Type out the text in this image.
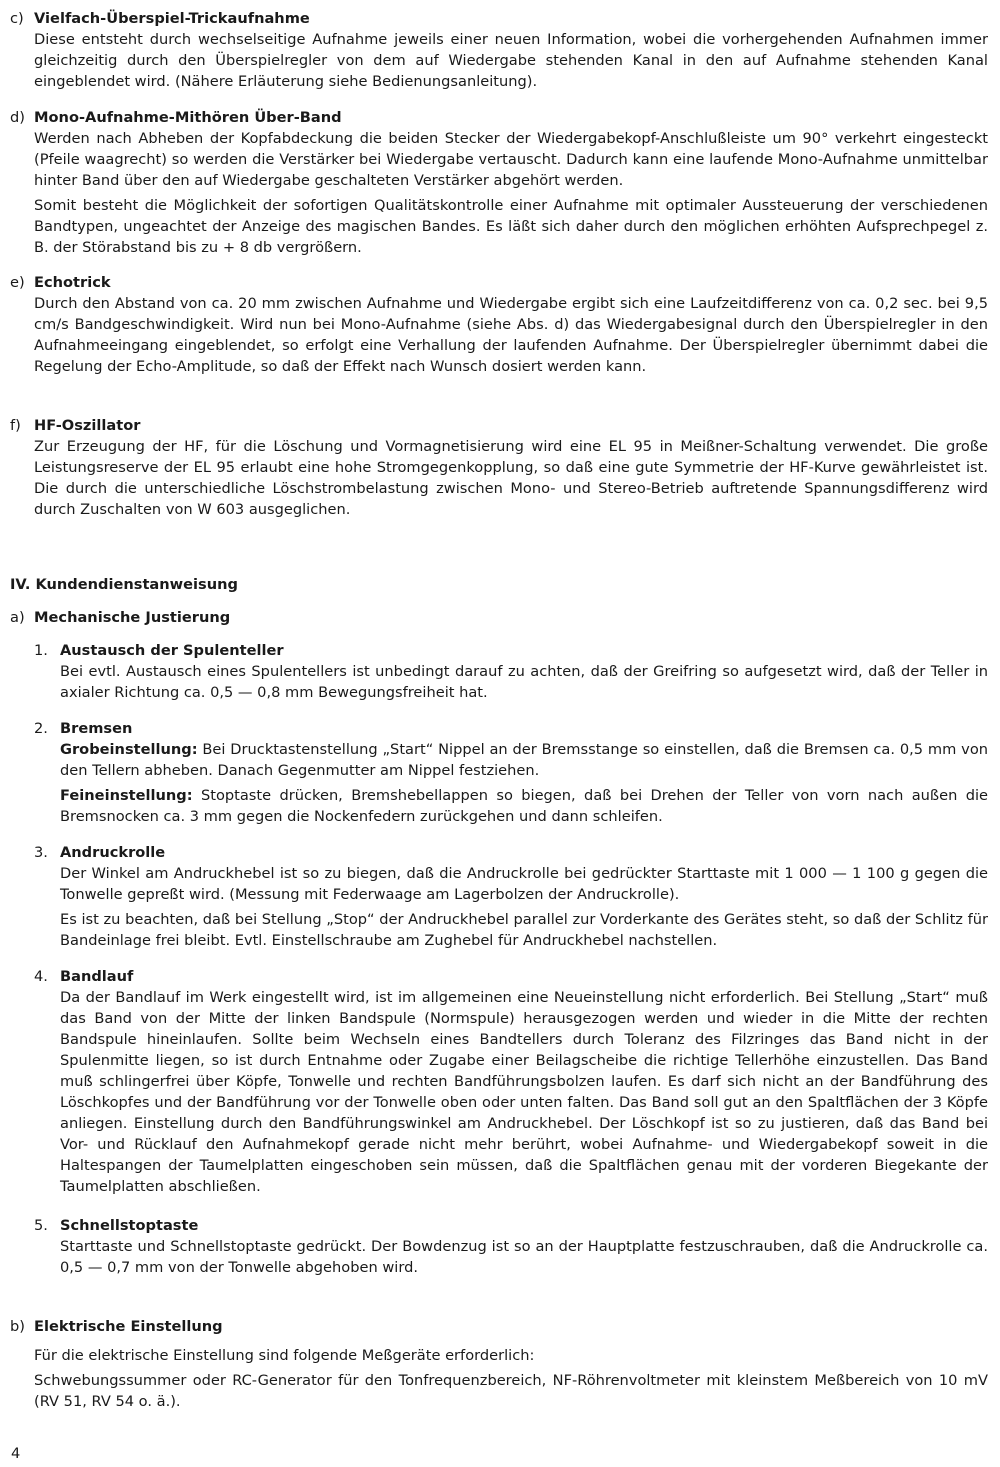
c) Vielfach-Überspiel-Trickaufnahme

Diese entsteht durch wechselseitige Aufnahme jeweils einer neuen Information, wobei die vorhergehenden Aufnahmen immer gleichzeitig durch den Überspielregler von dem auf Wiedergabe stehenden Kanal in den auf Aufnahme stehenden Kanal eingeblendet wird. (Nähere Erläuterung siehe Bedienungsanleitung).

d) Mono-Aufnahme-Mithören Über-Band

Werden nach Abheben der Kopfabdeckung die beiden Stecker der Wiedergabekopf-Anschlußleiste um 90° verkehrt eingesteckt (Pfeile waagrecht) so werden die Verstärker bei Wiedergabe vertauscht. Dadurch kann eine laufende Mono-Aufnahme unmittelbar hinter Band über den auf Wiedergabe geschalteten Verstärker abgehört werden.

Somit besteht die Möglichkeit der sofortigen Qualitätskontrolle einer Aufnahme mit optimaler Aussteuerung der verschiedenen Bandtypen, ungeachtet der Anzeige des magischen Bandes. Es läßt sich daher durch den möglichen erhöhten Aufsprechpegel z. B. der Störabstand bis zu + 8 db vergrößern.

e) Echotrick

Durch den Abstand von ca. 20 mm zwischen Aufnahme und Wiedergabe ergibt sich eine Laufzeitdifferenz von ca. 0,2 sec. bei 9,5 cm/s Bandgeschwindigkeit. Wird nun bei Mono-Aufnahme (siehe Abs. d) das Wiedergabesignal durch den Überspielregler in den Aufnahmeeingang eingeblendet, so erfolgt eine Verhallung der laufenden Aufnahme. Der Überspielregler übernimmt dabei die Regelung der Echo-Amplitude, so daß der Effekt nach Wunsch dosiert werden kann.

f) HF-Oszillator

Zur Erzeugung der HF, für die Löschung und Vormagnetisierung wird eine EL 95 in Meißner-Schaltung verwendet. Die große Leistungsreserve der EL 95 erlaubt eine hohe Stromgegenkopplung, so daß eine gute Symmetrie der HF-Kurve gewährleistet ist. Die durch die unterschiedliche Löschstrombelastung zwischen Mono- und Stereo-Betrieb auftretende Spannungsdifferenz wird durch Zuschalten von W 603 ausgeglichen.

IV. Kundendienstanweisung
a) Mechanische Justierung
1. Austausch der Spulenteller

Bei evtl. Austausch eines Spulentellers ist unbedingt darauf zu achten, daß der Greifring so aufgesetzt wird, daß der Teller in axialer Richtung ca. 0,5 — 0,8 mm Bewegungsfreiheit hat.

2. Bremsen

Grobeinstellung: Bei Drucktastenstellung „Start“ Nippel an der Bremsstange so einstellen, daß die Bremsen ca. 0,5 mm von den Tellern abheben. Danach Gegenmutter am Nippel festziehen.

Feineinstellung: Stoptaste drücken, Bremshebellappen so biegen, daß bei Drehen der Teller von vorn nach außen die Bremsnocken ca. 3 mm gegen die Nockenfedern zurückgehen und dann schleifen.

3. Andruckrolle

Der Winkel am Andruckhebel ist so zu biegen, daß die Andruckrolle bei gedrückter Starttaste mit 1 000 — 1 100 g gegen die Tonwelle gepreßt wird. (Messung mit Federwaage am Lagerbolzen der Andruckrolle).

Es ist zu beachten, daß bei Stellung „Stop“ der Andruckhebel parallel zur Vorderkante des Gerätes steht, so daß der Schlitz für Bandeinlage frei bleibt. Evtl. Einstellschraube am Zughebel für Andruckhebel nachstellen.

4. Bandlauf

Da der Bandlauf im Werk eingestellt wird, ist im allgemeinen eine Neueinstellung nicht erforderlich. Bei Stellung „Start“ muß das Band von der Mitte der linken Bandspule (Normspule) herausgezogen werden und wieder in die Mitte der rechten Bandspule hineinlaufen. Sollte beim Wechseln eines Bandtellers durch Toleranz des Filzringes das Band nicht in der Spulenmitte liegen, so ist durch Entnahme oder Zugabe einer Beilagscheibe die richtige Tellerhöhe einzustellen. Das Band muß schlingerfrei über Köpfe, Tonwelle und rechten Bandführungsbolzen laufen. Es darf sich nicht an der Bandführung des Löschkopfes und der Bandführung vor der Tonwelle oben oder unten falten. Das Band soll gut an den Spaltflächen der 3 Köpfe anliegen. Einstellung durch den Bandführungswinkel am Andruckhebel. Der Löschkopf ist so zu justieren, daß das Band bei Vor- und Rücklauf den Aufnahmekopf gerade nicht mehr berührt, wobei Aufnahme- und Wiedergabekopf soweit in die Haltespangen der Taumelplatten eingeschoben sein müssen, daß die Spaltflächen genau mit der vorderen Biegekante der Taumelplatten abschließen.

5. Schnellstoptaste

Starttaste und Schnellstoptaste gedrückt. Der Bowdenzug ist so an der Hauptplatte festzuschrauben, daß die Andruckrolle ca. 0,5 — 0,7 mm von der Tonwelle abgehoben wird.

b) Elektrische Einstellung

Für die elektrische Einstellung sind folgende Meßgeräte erforderlich:

Schwebungssummer oder RC-Generator für den Tonfrequenzbereich, NF-Röhrenvoltmeter mit kleinstem Meßbereich von 10 mV (RV 51, RV 54 o. ä.).

4
